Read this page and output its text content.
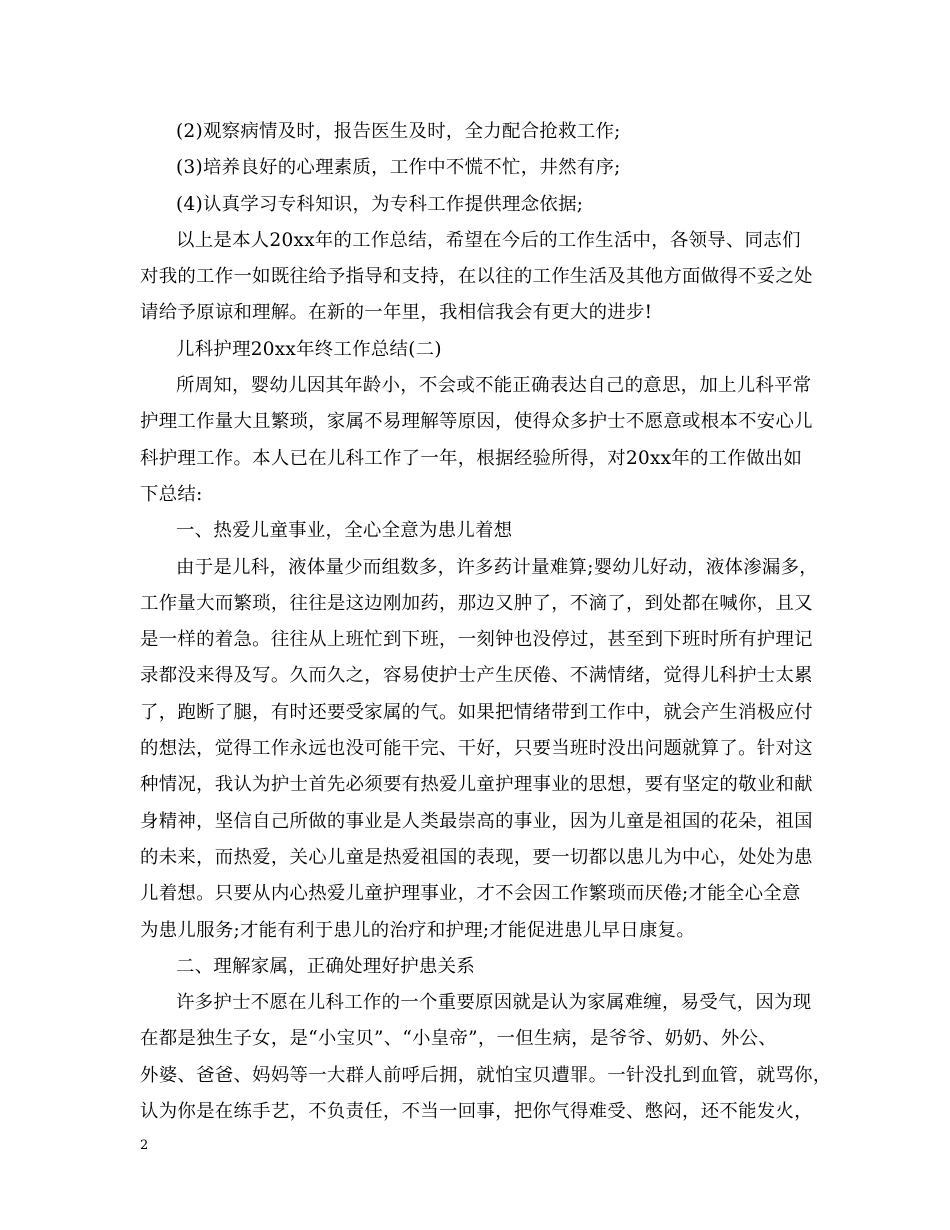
(2)观察病情及时，报告医生及时，全力配合抢救工作;
(3)培养良好的心理素质，工作中不慌不忙，井然有序;
(4)认真学习专科知识，为专科工作提供理念依据;
以上是本人20xx年的工作总结，希望在今后的工作生活中，各领导、同志们
对我的工作一如既往给予指导和支持，在以往的工作生活及其他方面做得不妥之处
请给予原谅和理解。在新的一年里，我相信我会有更大的进步!
儿科护理20xx年终工作总结(二)
所周知，婴幼儿因其年龄小，不会或不能正确表达自己的意思，加上儿科平常
护理工作量大且繁琐，家属不易理解等原因，使得众多护士不愿意或根本不安心儿
科护理工作。本人已在儿科工作了一年，根据经验所得，对20xx年的工作做出如
下总结:
一、热爱儿童事业，全心全意为患儿着想
由于是儿科，液体量少而组数多，许多药计量难算;婴幼儿好动，液体渗漏多，
工作量大而繁琐，往往是这边刚加药，那边又肿了，不滴了，到处都在喊你，且又
是一样的着急。往往从上班忙到下班，一刻钟也没停过，甚至到下班时所有护理记
录都没来得及写。久而久之，容易使护士产生厌倦、不满情绪，觉得儿科护士太累
了，跑断了腿，有时还要受家属的气。如果把情绪带到工作中，就会产生消极应付
的想法，觉得工作永远也没可能干完、干好，只要当班时没出问题就算了。针对这
种情况，我认为护士首先必须要有热爱儿童护理事业的思想，要有坚定的敬业和献
身精神，坚信自己所做的事业是人类最崇高的事业，因为儿童是祖国的花朵，祖国
的未来，而热爱，关心儿童是热爱祖国的表现，要一切都以患儿为中心，处处为患
儿着想。只要从内心热爱儿童护理事业，才不会因工作繁琐而厌倦;才能全心全意
为患儿服务;才能有利于患儿的治疗和护理;才能促进患儿早日康复。
二、理解家属，正确处理好护患关系
许多护士不愿在儿科工作的一个重要原因就是认为家属难缠，易受气，因为现
在都是独生子女，是“小宝贝”、“小皇帝”，一但生病，是爷爷、奶奶、外公、
外婆、爸爸、妈妈等一大群人前呼后拥，就怕宝贝遭罪。一针没扎到血管，就骂你，
认为你是在练手艺，不负责任，不当一回事，把你气得难受、憋闷，还不能发火，
2
